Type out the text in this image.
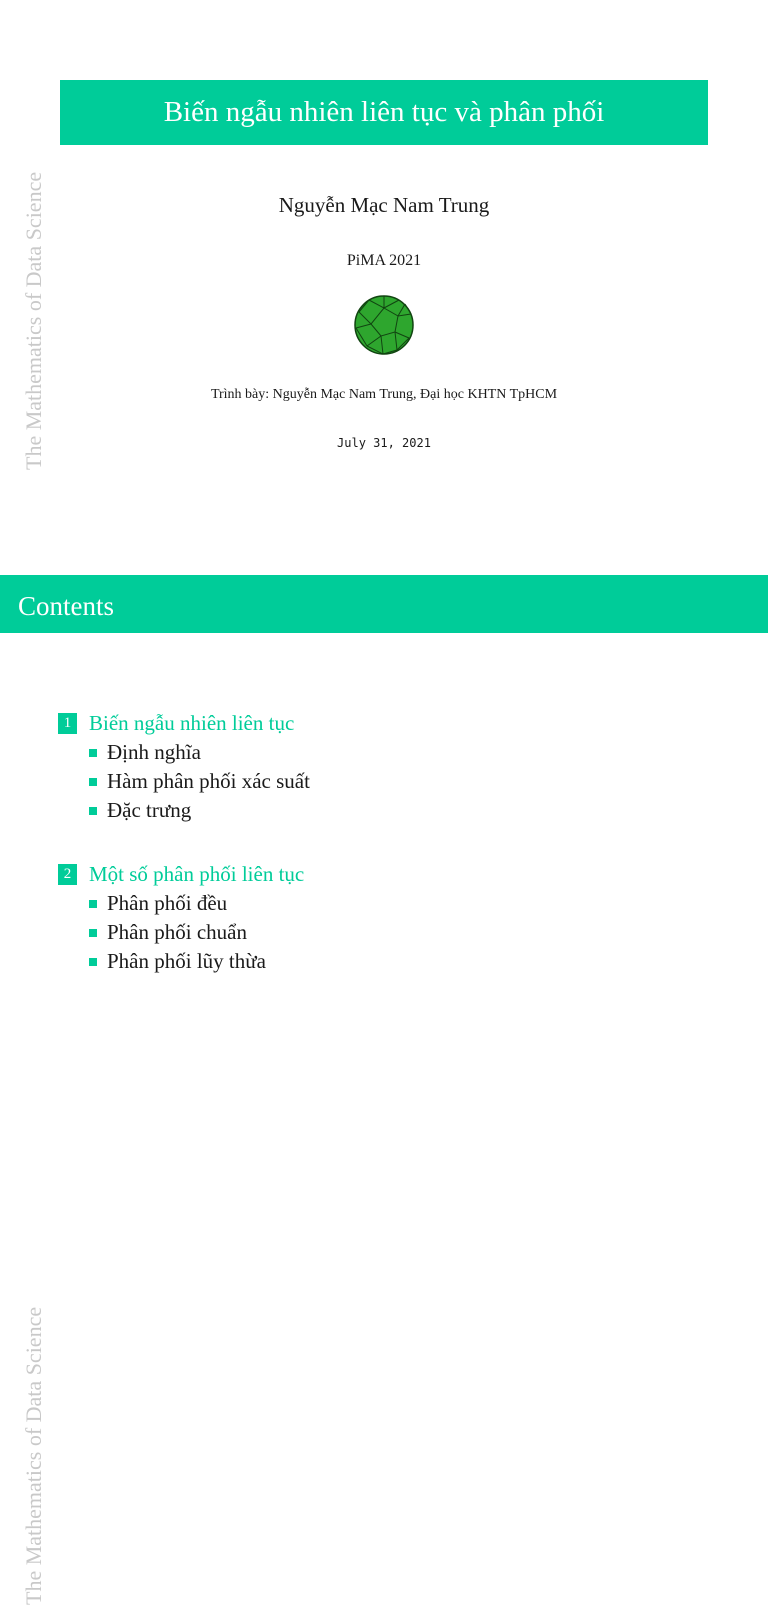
The Mathematics of Data Science
Biến ngẫu nhiên liên tục và phân phối
Nguyễn Mạc Nam Trung
PiMA 2021
Trình bày: Nguyễn Mạc Nam Trung, Đại học KHTN TpHCM
July 31, 2021
Contents
The Mathematics of Data Science
1 Biến ngẫu nhiên liên tục
Định nghĩa
Hàm phân phối xác suất
Đặc trưng
2 Một số phân phối liên tục
Phân phối đều
Phân phối chuẩn
Phân phối lũy thừa
